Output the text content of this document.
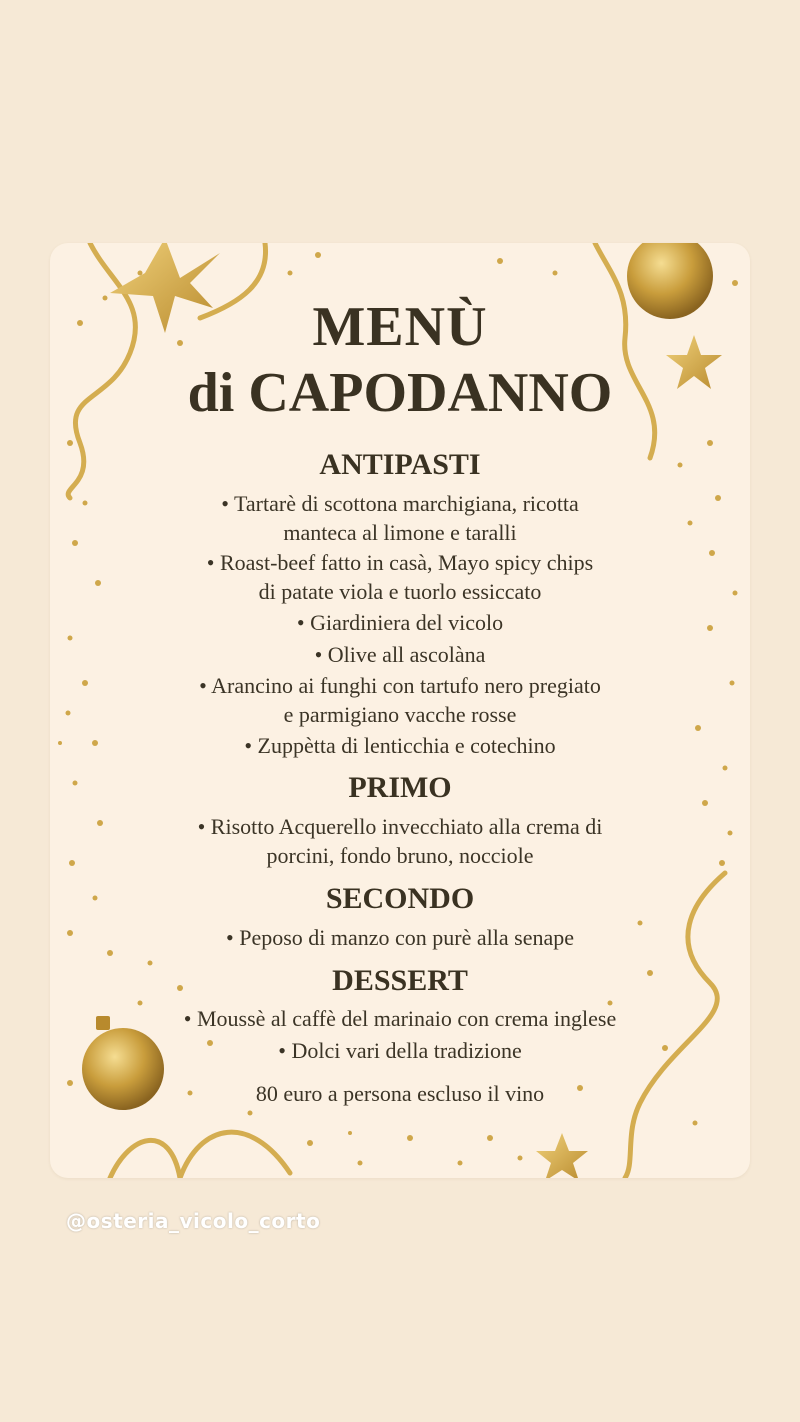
MENÙ
di CAPODANNO
ANTIPASTI
• Tartarè di scottona marchigiana, ricotta
manteca al limone e taralli
• Roast-beef fatto in casà, Mayo spicy chips
di patate viola e tuorlo essiccato
• Giardiniera del vicolo
• Olive all ascolàna
• Arancino ai funghi con tartufo nero pregiato
e parmigiano vacche rosse
• Zuppètta di lenticchia e cotechino
PRIMO
• Risotto Acquerello invecchiato alla crema di
porcini, fondo bruno, nocciole
SECONDO
• Peposo di manzo con purè alla senape
DESSERT
• Moussè al caffè del marinaio con crema inglese
• Dolci vari della tradizione
80 euro a persona escluso il vino
@osteria_vicolo_corto
